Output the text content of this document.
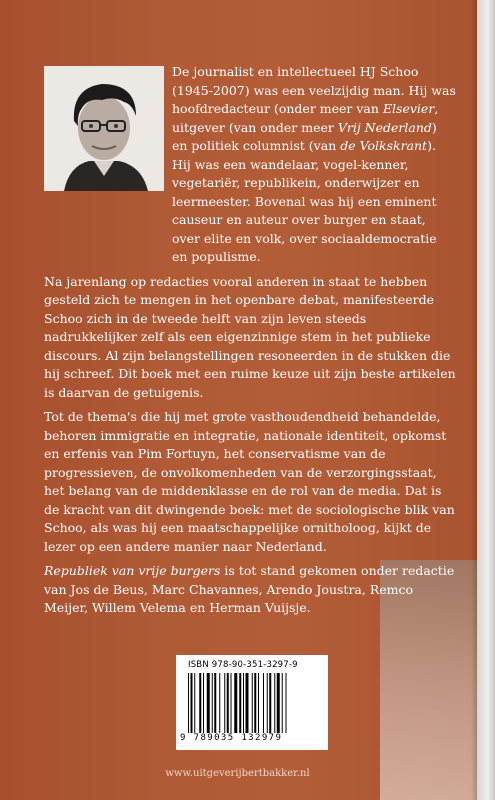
De journalist en intellectueel HJ Schoo (1945-2007) was een veelzijdig man. Hij was hoofdredacteur (onder meer van Elsevier, uitgever (van onder meer Vrij Nederland) en politiek columnist (van de Volkskrant). Hij was een wandelaar, vogel-kenner, vegetariër, republikein, onderwijzer en leermeester. Bovenal was hij een eminent causeur en auteur over burger en staat, over elite en volk, over sociaaldemocratie en populisme.

Na jarenlang op redacties vooral anderen in staat te hebben gesteld zich te mengen in het openbare debat, manifesteerde Schoo zich in de tweede helft van zijn leven steeds nadrukkelijker zelf als een eigenzinnige stem in het publieke discours. Al zijn belangstellingen resoneerden in de stukken die hij schreef. Dit boek met een ruime keuze uit zijn beste artikelen is daarvan de getuigenis.

Tot de thema's die hij met grote vasthoudendheid behandelde, behoren immigratie en integratie, nationale identiteit, opkomst en erfenis van Pim Fortuyn, het conservatisme van de progressieven, de onvolkomenheden van de verzorgingsstaat, het belang van de middenklasse en de rol van de media. Dat is de kracht van dit dwingende boek: met de sociologische blik van Schoo, als was hij een maatschappelijke ornitholoog, kijkt de lezer op een andere manier naar Nederland.

Republiek van vrije burgers is tot stand gekomen onder redactie van Jos de Beus, Marc Chavannes, Arendo Joustra, Remco Meijer, Willem Velema en Herman Vuijsje.

ISBN 978-90-351-3297-9
9 789035 132979
www.uitgeverijbertbakker.nl
